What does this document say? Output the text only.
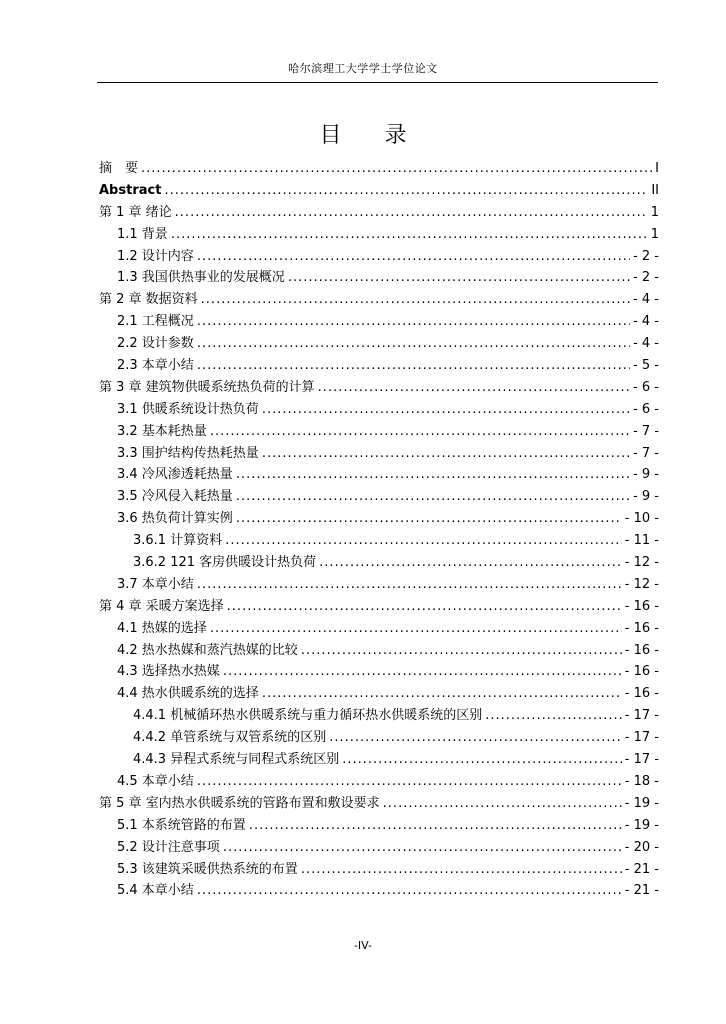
哈尔滨理工大学学士学位论文
目 录
摘　要 .....	I
Abstract .....	II
第 1 章 绪论 .....	1
1.1 背景 .....	1
1.2 设计内容 .....	- 2 -
1.3 我国供热事业的发展概况 .....	- 2 -
第 2 章 数据资料 .....	- 4 -
2.1 工程概况 .....	- 4 -
2.2 设计参数 .....	- 4 -
2.3 本章小结 .....	- 5 -
第 3 章 建筑物供暖系统热负荷的计算 .....	- 6 -
3.1 供暖系统设计热负荷 .....	- 6 -
3.2 基本耗热量 .....	- 7 -
3.3 围护结构传热耗热量 .....	- 7 -
3.4 冷风渗透耗热量 .....	- 9 -
3.5 冷风侵入耗热量 .....	- 9 -
3.6 热负荷计算实例 .....	- 10 -
3.6.1 计算资料 .....	- 11 -
3.6.2 121 客房供暖设计热负荷 .....	- 12 -
3.7 本章小结 .....	- 12 -
第 4 章 采暖方案选择 .....	- 16 -
4.1 热媒的选择 .....	- 16 -
4.2 热水热媒和蒸汽热媒的比较 .....	- 16 -
4.3 选择热水热媒 .....	- 16 -
4.4 热水供暖系统的选择 .....	- 16 -
4.4.1 机械循环热水供暖系统与重力循环热水供暖系统的区别 .....	- 17 -
4.4.2 单管系统与双管系统的区别 .....	- 17 -
4.4.3 异程式系统与同程式系统区别 .....	- 17 -
4.5 本章小结 .....	- 18 -
第 5 章 室内热水供暖系统的管路布置和敷设要求 .....	- 19 -
5.1 本系统管路的布置 .....	- 19 -
5.2 设计注意事项 .....	- 20 -
5.3 该建筑采暖供热系统的布置 .....	- 21 -
5.4 本章小结 .....	- 21 -
-IV-
